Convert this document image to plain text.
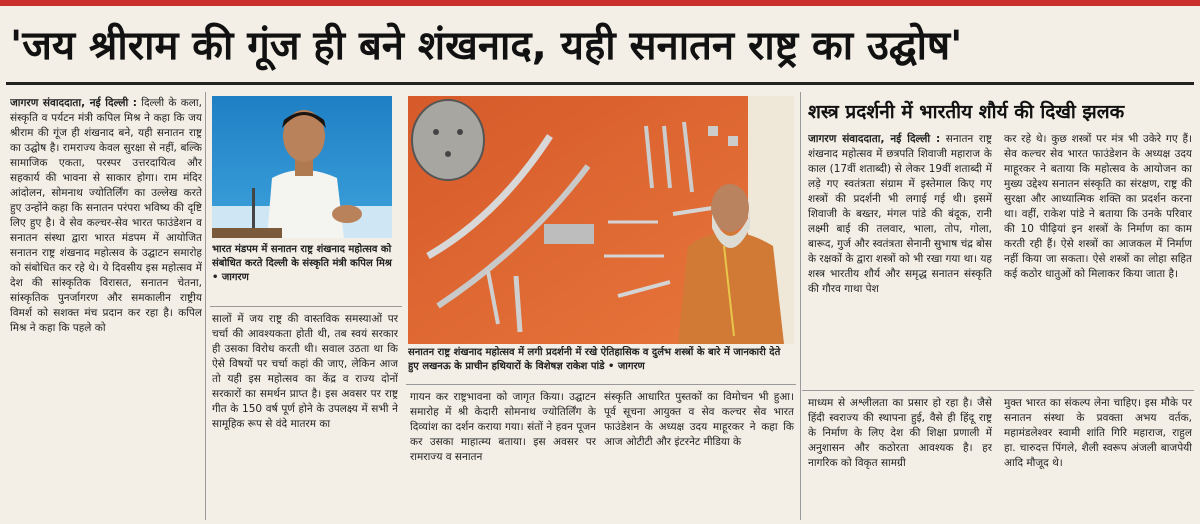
'जय श्रीराम की गूंज ही बने शंखनाद, यही सनातन राष्ट्र का उद्घोष'

जागरण संवाददाता, नई दिल्ली : दिल्ली के कला, संस्कृति व पर्यटन मंत्री कपिल मिश्र ने कहा कि जय श्रीराम की गूंज ही शंखनाद बने, यही सनातन राष्ट्र का उद्घोष है। रामराज्य केवल सुरक्षा से नहीं, बल्कि सामाजिक एकता, परस्पर उत्तरदायित्व और सहकार्य की भावना से साकार होगा। राम मंदिर आंदोलन, सोमनाथ ज्योतिर्लिंग का उल्लेख करते हुए उन्होंने कहा कि सनातन परंपरा भविष्य की दृष्टि लिए हुए है। वे सेव कल्चर-सेव भारत फाउंडेशन व सनातन संस्था द्वारा भारत मंडपम में आयोजित सनातन राष्ट्र शंखनाद महोत्सव के उद्घाटन समारोह को संबोधित कर रहे थे। ये दिवसीय इस महोत्सव में देश की सांस्कृतिक विरासत, सनातन चेतना, सांस्कृतिक पुनर्जागरण और समकालीन राष्ट्रीय विमर्श को सशक्त मंच प्रदान कर रहा है। कपिल मिश्र ने कहा कि पहले को

भारत मंडपम में सनातन राष्ट्र शंखनाद महोत्सव को संबोधित करते दिल्ली के संस्कृति मंत्री कपिल मिश्र • जागरण

सालों में जय राष्ट्र की वास्तविक समस्याओं पर चर्चा की आवश्यकता होती थी, तब स्वयं सरकार ही उसका विरोध करती थी। सवाल उठता था कि ऐसे विषयों पर चर्चा कहां की जाए, लेकिन आज तो यही इस महोत्सव का केंद्र व राज्य दोनों सरकारों का समर्थन प्राप्त है। इस अवसर पर राष्ट्र गीत के 150 वर्ष पूर्ण होने के उपलक्ष्य में सभी ने सामूहिक रूप से वंदे मातरम का

सनातन राष्ट्र शंखनाद महोत्सव में लगी प्रदर्शनी में रखे ऐतिहासिक व दुर्लभ शस्त्रों के बारे में जानकारी देते हुए लखनऊ के प्राचीन हथियारों के विशेषज्ञ राकेश पांडे • जागरण

गायन कर राष्ट्रभावना को जागृत किया। उद्घाटन समारोह में श्री केदारी सोमनाथ ज्योतिर्लिंग के दिव्यांश का दर्शन कराया गया। संतों ने हवन पूजन कर उसका माहात्म्य बताया। इस अवसर पर रामराज्य व सनातन

संस्कृति आधारित पुस्तकों का विमोचन भी हुआ। पूर्व सूचना आयुक्त व सेव कल्चर सेव भारत फाउंडेशन के अध्यक्ष उदय माहूरकर ने कहा कि आज ओटीटी और इंटरनेट मीडिया के

शस्त्र प्रदर्शनी में भारतीय शौर्य की दिखी झलक

जागरण संवाददाता, नई दिल्ली : सनातन राष्ट्र शंखनाद महोत्सव में छत्रपति शिवाजी महाराज के काल (17वीं शताब्दी) से लेकर 19वीं शताब्दी में लड़े गए स्वतंत्रता संग्राम में इस्तेमाल किए गए शस्त्रों की प्रदर्शनी भी लगाई गई थी। इसमें शिवाजी के बख्तर, मंगल पांडे की बंदूक, रानी लक्ष्मी बाई की तलवार, भाला, तोप, गोला, बारूद, गुर्ज और स्वतंत्रता सेनानी सुभाष चंद्र बोस के रक्षकों के द्वारा शस्त्रों को भी रखा गया था। यह शस्त्र भारतीय शौर्य और समृद्ध सनातन संस्कृति की गौरव गाथा पेश

कर रहे थे। कुछ शस्त्रों पर मंत्र भी उकेरे गए हैं। सेव कल्चर सेव भारत फाउंडेशन के अध्यक्ष उदय माहूरकर ने बताया कि महोत्सव के आयोजन का मुख्य उद्देश्य सनातन संस्कृति का संरक्षण, राष्ट्र की सुरक्षा और आध्यात्मिक शक्ति का प्रदर्शन करना था। वहीं, राकेश पांडे ने बताया कि उनके परिवार की 10 पीढ़ियां इन शस्त्रों के निर्माण का काम करती रही हैं। ऐसे शस्त्रों का आजकल में निर्माण नहीं किया जा सकता। ऐसे शस्त्रों का लोहा सहित कई कठोर धातुओं को मिलाकर किया जाता है।

माध्यम से अश्लीलता का प्रसार हो रहा है। जैसे हिंदी स्वराज्य की स्थापना हुई, वैसे ही हिंदू राष्ट्र के निर्माण के लिए देश की शिक्षा प्रणाली में अनुशासन और कठोरता आवश्यक है। हर नागरिक को विकृत सामग्री

मुक्त भारत का संकल्प लेना चाहिए। इस मौके पर सनातन संस्था के प्रवक्ता अभय वर्तक, महामंडलेश्वर स्वामी शांति गिरि महाराज, राहुल हा. चारुदत्त पिंगले, शैली स्वरूप अंजली बाजपेयी आदि मौजूद थे।
